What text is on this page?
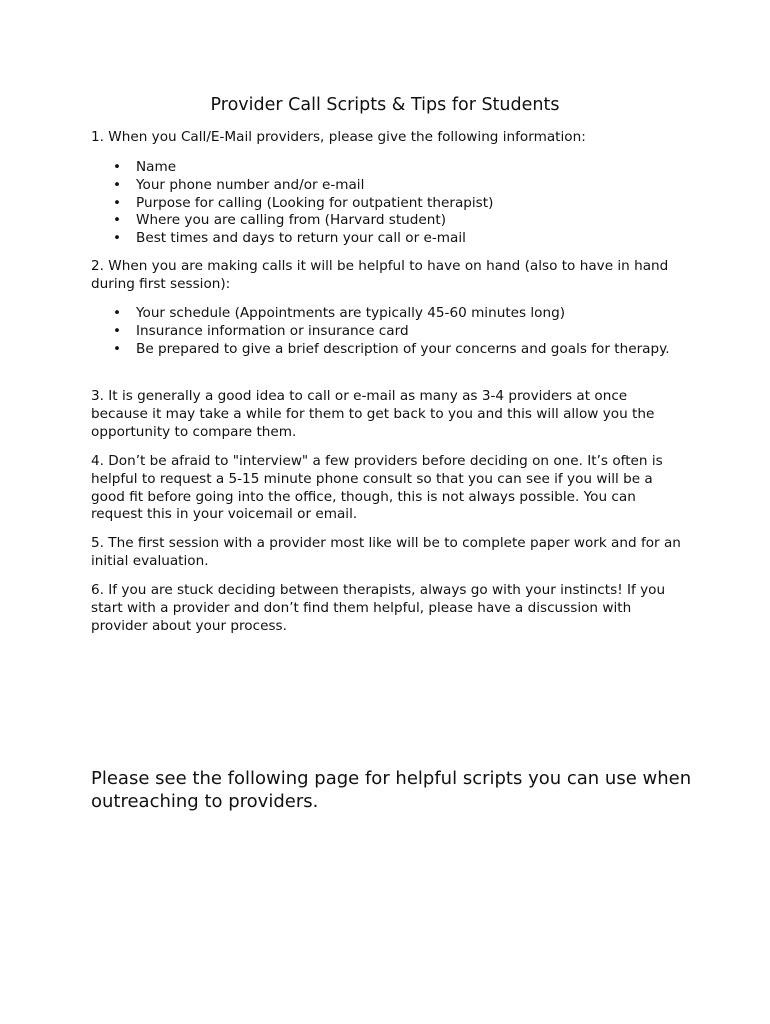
Provider Call Scripts & Tips for Students

1. When you Call/E-Mail providers, please give the following information:

• Name
• Your phone number and/or e-mail
• Purpose for calling (Looking for outpatient therapist)
• Where you are calling from (Harvard student)
• Best times and days to return your call or e-mail

2. When you are making calls it will be helpful to have on hand (also to have in hand during first session):

• Your schedule (Appointments are typically 45-60 minutes long)
• Insurance information or insurance card
• Be prepared to give a brief description of your concerns and goals for therapy.

3. It is generally a good idea to call or e-mail as many as 3-4 providers at once because it may take a while for them to get back to you and this will allow you the opportunity to compare them.

4. Don’t be afraid to "interview" a few providers before deciding on one. It’s often is helpful to request a 5-15 minute phone consult so that you can see if you will be a good fit before going into the office, though, this is not always possible. You can request this in your voicemail or email.

5. The first session with a provider most like will be to complete paper work and for an initial evaluation.

6. If you are stuck deciding between therapists, always go with your instincts! If you start with a provider and don’t find them helpful, please have a discussion with provider about your process.

Please see the following page for helpful scripts you can use when outreaching to providers.
